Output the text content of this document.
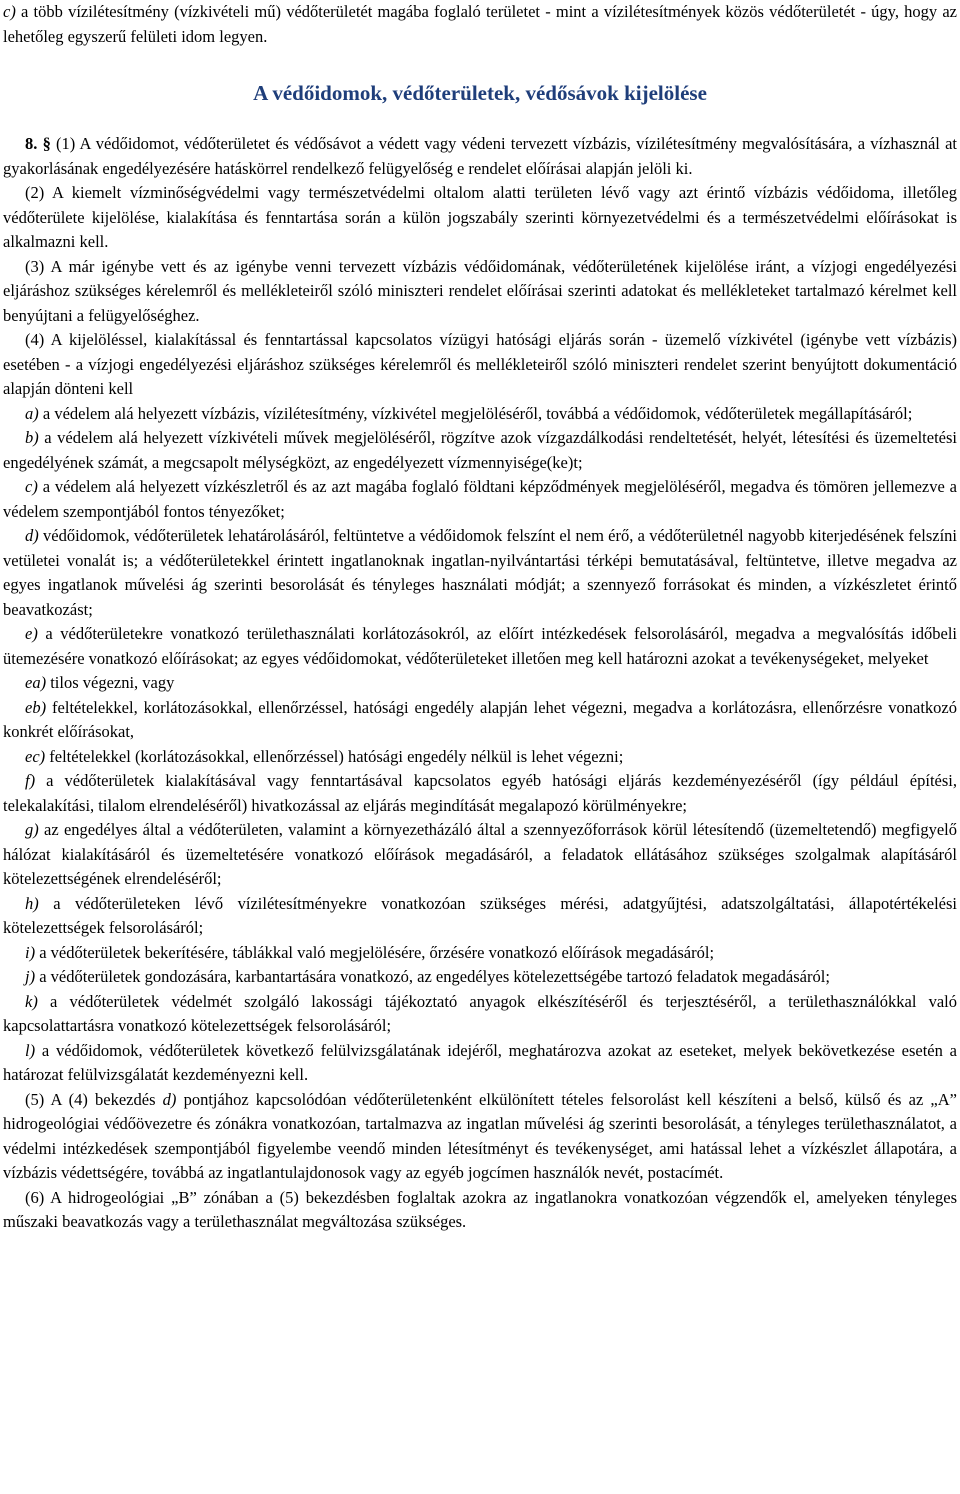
c) a több vízilétesítmény (vízkivételi mű) védőterületét magába foglaló területet - mint a vízilétesítmények közös védőterületét - úgy, hogy az lehetőleg egyszerű felületi idom legyen.

A védőidomok, védőterületek, védősávok kijelölése

8. § (1) A védőidomot, védőterületet és védősávot a védett vagy védeni tervezett vízbázis, vízilétesítmény megvalósítására, a vízhasznál at gyakorlásának engedélyezésére hatáskörrel rendelkező felügyelőség e rendelet előírásai alapján jelöli ki.

(2) A kiemelt vízminőségvédelmi vagy természetvédelmi oltalom alatti területen lévő vagy azt érintő vízbázis védőidoma, illetőleg védőterülete kijelölése, kialakítása és fenntartása során a külön jogszabály szerinti környezetvédelmi és a természetvédelmi előírásokat is alkalmazni kell.

(3) A már igénybe vett és az igénybe venni tervezett vízbázis védőidomának, védőterületének kijelölése iránt, a vízjogi engedélyezési eljáráshoz szükséges kérelemről és mellékleteiről szóló miniszteri rendelet előírásai szerinti adatokat és mellékleteket tartalmazó kérelmet kell benyújtani a felügyelőséghez.

(4) A kijelöléssel, kialakítással és fenntartással kapcsolatos vízügyi hatósági eljárás során - üzemelő vízkivétel (igénybe vett vízbázis) esetében - a vízjogi engedélyezési eljáráshoz szükséges kérelemről és mellékleteiről szóló miniszteri rendelet szerint benyújtott dokumentáció alapján dönteni kell

a) a védelem alá helyezett vízbázis, vízilétesítmény, vízkivétel megjelöléséről, továbbá a védőidomok, védőterületek megállapításáról;

b) a védelem alá helyezett vízkivételi művek megjelöléséről, rögzítve azok vízgazdálkodási rendeltetését, helyét, létesítési és üzemeltetési engedélyének számát, a megcsapolt mélységközt, az engedélyezett vízmennyisége(ke)t;

c) a védelem alá helyezett vízkészletről és az azt magába foglaló földtani képződmények megjelöléséről, megadva és tömören jellemezve a védelem szempontjából fontos tényezőket;

d) védőidomok, védőterületek lehatárolásáról, feltüntetve a védőidomok felszínt el nem érő, a védőterületnél nagyobb kiterjedésének felszíni vetületei vonalát is; a védőterületekkel érintett ingatlanoknak ingatlan-nyilvántartási térképi bemutatásával, feltüntetve, illetve megadva az egyes ingatlanok művelési ág szerinti besorolását és tényleges használati módját; a szennyező forrásokat és minden, a vízkészletet érintő beavatkozást;

e) a védőterületekre vonatkozó területhasználati korlátozásokról, az előírt intézkedések felsorolásáról, megadva a megvalósítás időbeli ütemezésére vonatkozó előírásokat; az egyes védőidomokat, védőterületeket illetően meg kell határozni azokat a tevékenységeket, melyeket

ea) tilos végezni, vagy

eb) feltételekkel, korlátozásokkal, ellenőrzéssel, hatósági engedély alapján lehet végezni, megadva a korlátozásra, ellenőrzésre vonatkozó konkrét előírásokat,

ec) feltételekkel (korlátozásokkal, ellenőrzéssel) hatósági engedély nélkül is lehet végezni;

f) a védőterületek kialakításával vagy fenntartásával kapcsolatos egyéb hatósági eljárás kezdeményezéséről (így például építési, telekalakítási, tilalom elrendeléséről) hivatkozással az eljárás megindítását megalapozó körülményekre;

g) az engedélyes által a védőterületen, valamint a környezetházáló által a szennyezőforrások körül létesítendő (üzemeltetendő) megfigyelő hálózat kialakításáról és üzemeltetésére vonatkozó előírások megadásáról, a feladatok ellátásához szükséges szolgalmak alapításáról kötelezettségének elrendeléséről;

h) a védőterületeken lévő vízilétesítményekre vonatkozóan szükséges mérési, adatgyűjtési, adatszolgáltatási, állapotértékelési kötelezettségek felsorolásáról;

i) a védőterületek bekerítésére, táblákkal való megjelölésére, őrzésére vonatkozó előírások megadásáról;

j) a védőterületek gondozására, karbantartására vonatkozó, az engedélyes kötelezettségébe tartozó feladatok megadásáról;

k) a védőterületek védelmét szolgáló lakossági tájékoztató anyagok elkészítéséről és terjesztéséről, a területhasználókkal való kapcsolattartásra vonatkozó kötelezettségek felsorolásáról;

l) a védőidomok, védőterületek következő felülvizsgálatának idejéről, meghatározva azokat az eseteket, melyek bekövetkezése esetén a határozat felülvizsgálatát kezdeményezni kell.

(5) A (4) bekezdés d) pontjához kapcsolódóan védőterületenként elkülönített tételes felsorolást kell készíteni a belső, külső és az „A” hidrogeológiai védőövezetre és zónákra vonatkozóan, tartalmazva az ingatlan művelési ág szerinti besorolását, a tényleges területhasználatot, a védelmi intézkedések szempontjából figyelembe veendő minden létesítményt és tevékenységet, ami hatással lehet a vízkészlet állapotára, a vízbázis védettségére, továbbá az ingatlantulajdonosok vagy az egyéb jogcímen használók nevét, postacímét.

(6) A hidrogeológiai „B” zónában a (5) bekezdésben foglaltak azokra az ingatlanokra vonatkozóan végzendők el, amelyeken tényleges műszaki beavatkozás vagy a területhasználat megváltozása szükséges.
